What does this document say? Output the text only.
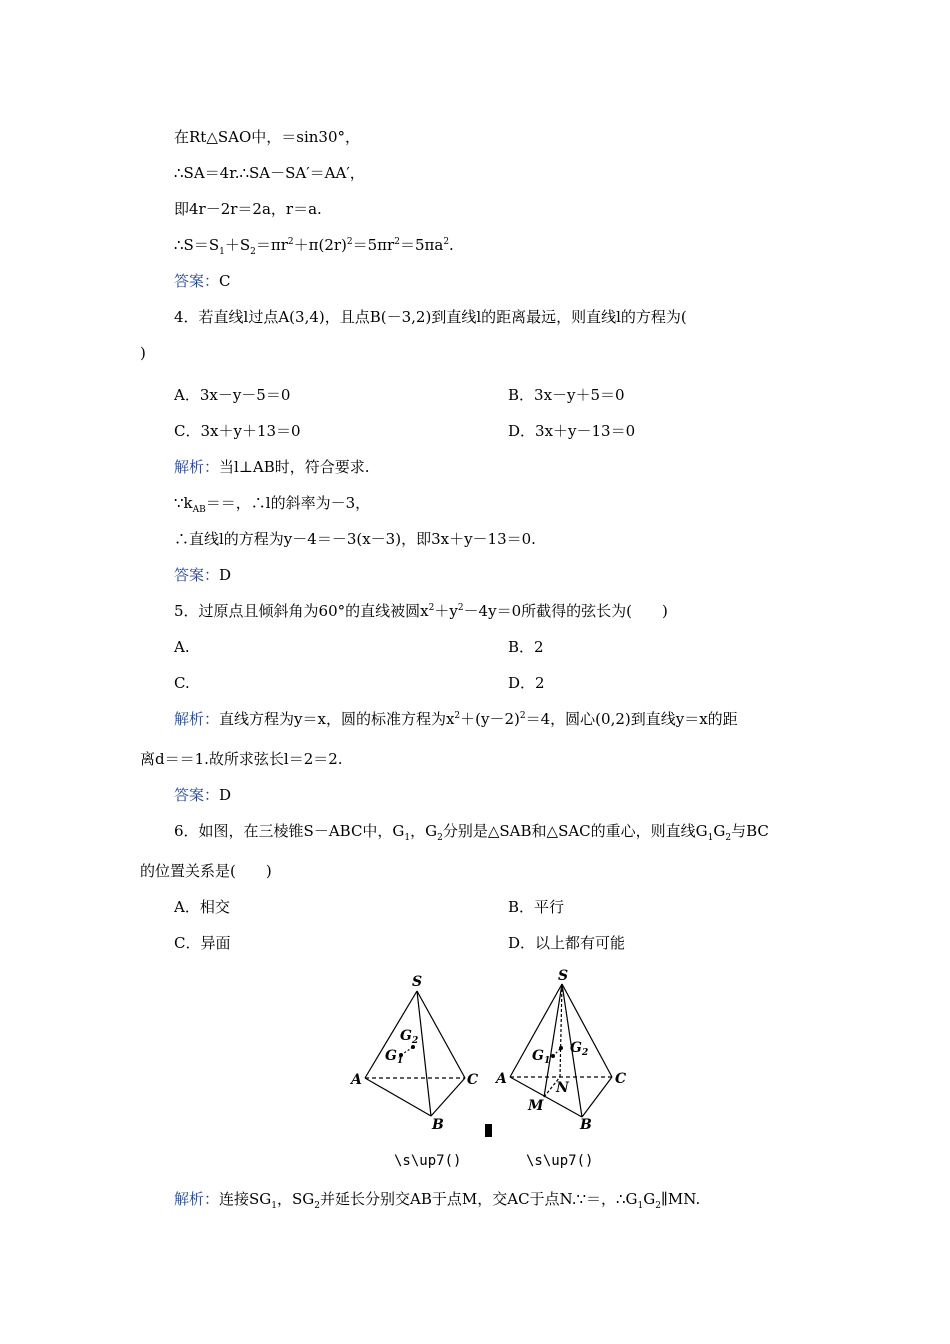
在Rt△SAO中，＝sin30°，
∴SA＝4r.∴SA－SA′＝AA′，
即4r－2r＝2a，r＝a.
$\therefore S=S_1+S_2=\pi r^2+\pi(2r)^2=5\pi r^2=5\pi a^2$.
答案：C
4．若直线l过点A(3,4)，且点B(－3,2)到直线l的距离最远，则直线l的方程为(
)
A．3x－y－5＝0	B．3x－y＋5＝0
C．3x＋y＋13＝0	D．3x＋y－13＝0
解析：当l⊥AB时，符合要求.
$\because k_{AB}==$，∴l的斜率为－3，
∴直线l的方程为y－4＝－3(x－3)，即3x＋y－13＝0.
答案：D
5．过原点且倾斜角为60°的直线被圆$x^2+y^2-4y=0$所截得的弦长为(　　)
A.	B．2
C.	D．2
解析：直线方程为y＝x，圆的标准方程为$x^2+(y-2)^2=4$，圆心(0,2)到直线y＝x的距
离d＝＝1.故所求弦长l＝2＝2.
答案：D
6．如图，在三棱锥S－ABC中，$G_1$，$G_2$分别是△SAB和△SAC的重心，则直线$G_1G_2$与BC
的位置关系是(　　)
A．相交	B．平行
C．异面	D．以上都有可能
S
A	C
B
G 1
G 2
S
A	C
B
M
N
G 1
G 2
\s\up7()	\s\up7()
解析：连接$SG_1$，$SG_2$并延长分别交AB于点M，交AC于点N.∵＝，$\therefore G_1G_2\parallel MN$.
